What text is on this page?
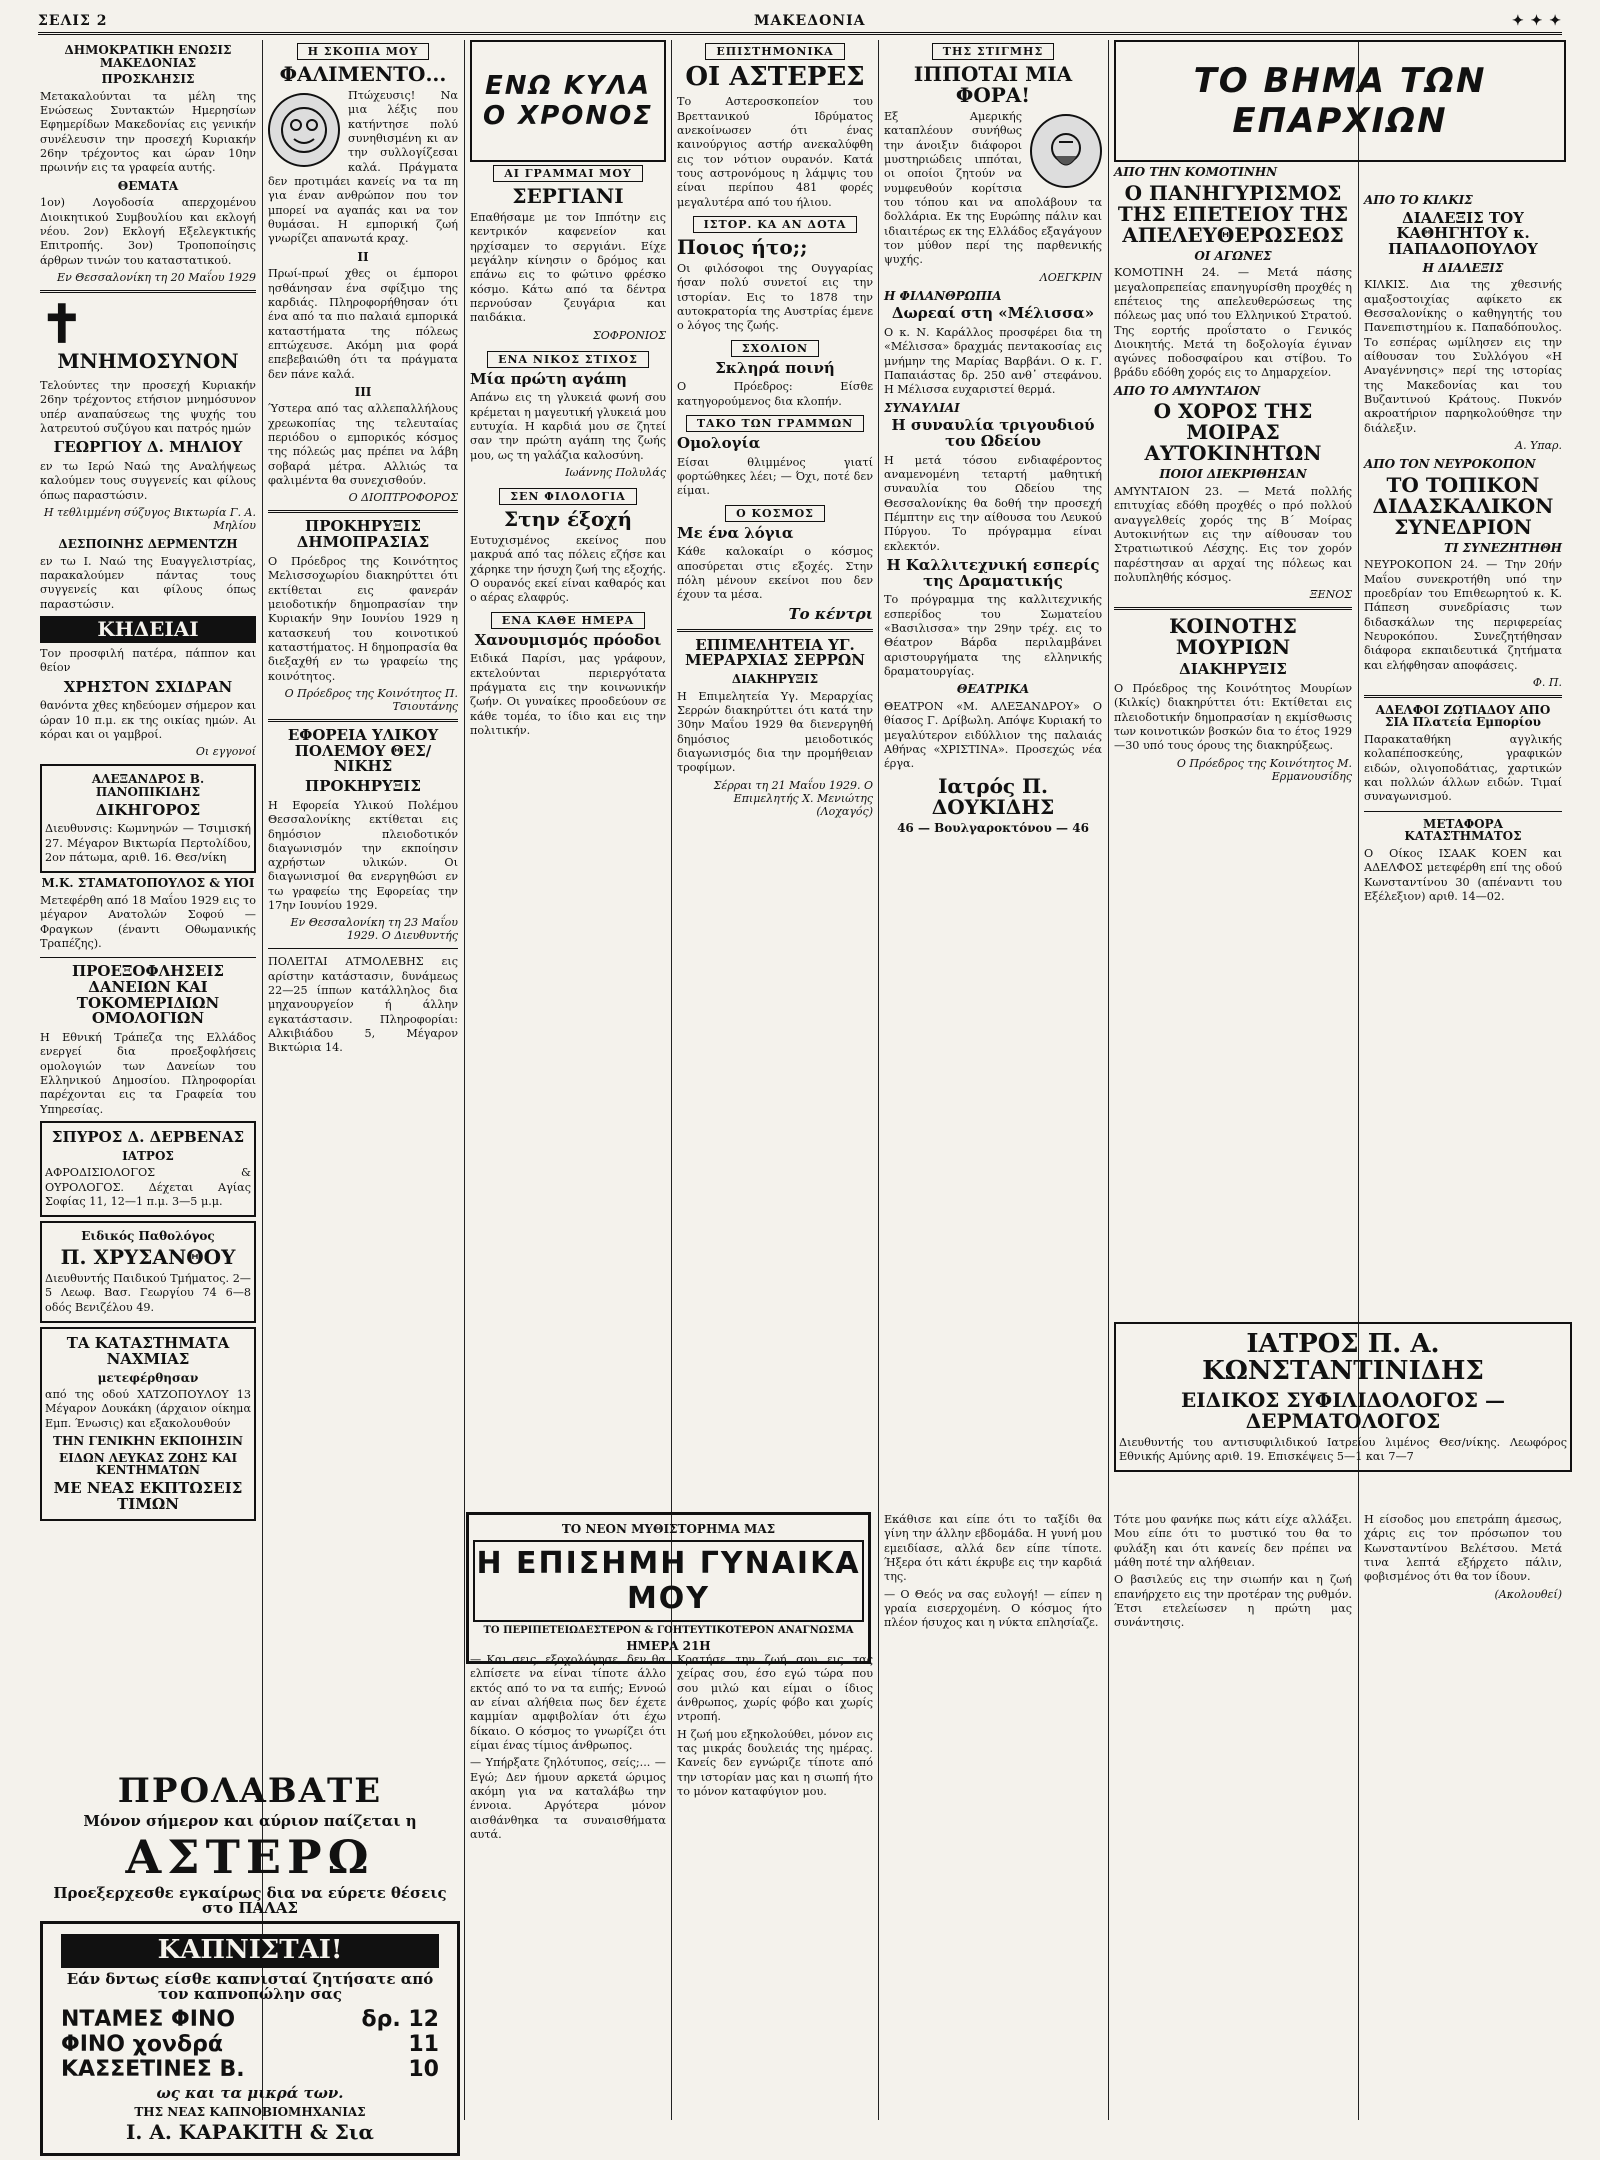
ΣΕΛΙΣ 2	ΜΑΚΕΔΟΝΙΑ	✦ ✦ ✦
ΔΗΜΟΚΡΑΤΙΚΗ ΕΝΩΣΙΣ ΜΑΚΕΔΟΝΙΑΣ
ΠΡΟΣΚΛΗΣΙΣ
Μετακαλούνται τα μέλη της Ενώσεως Συντακτών Ημερησίων Εφημερίδων Μακεδονίας εις γενικήν συνέλευσιν την προσεχή Κυριακήν 26ην τρέχοντος και ώραν 10ην πρωινήν εις τα γραφεία αυτής.
ΘΕΜΑΤΑ
1ον) Λογοδοσία απερχομένου Διοικητικού Συμβουλίου και εκλογή νέου. 2ον) Εκλογή Εξελεγκτικής Επιτροπής. 3ον) Τροποποίησις άρθρων τινών του καταστατικού.
Εν Θεσσαλονίκη τη 20 Μαΐου 1929
✝
ΜΝΗΜΟΣΥΝΟΝ
Τελούντες την προσεχή Κυριακήν 26ην τρέχοντος ετήσιον μνημόσυνον υπέρ αναπαύσεως της ψυχής του λατρευτού συζύγου και πατρός ημών
ΓΕΩΡΓΙΟΥ Δ. ΜΗΛΙΟΥ
εν τω Ιερώ Ναώ της Αναλήψεως καλούμεν τους συγγενείς και φίλους όπως παραστώσιν.
Η τεθλιμμένη σύζυγος Βικτωρία Γ. Α. Μηλίου
ΔΕΣΠΟΙΝΗΣ ΔΕΡΜΕΝΤΖΗ
εν τω Ι. Ναώ της Ευαγγελιστρίας, παρακαλούμεν πάντας τους συγγενείς και φίλους όπως παραστώσιν.
ΚΗΔΕΙΑΙ
Τον προσφιλή πατέρα, πάππον και θείον
ΧΡΗΣΤΟΝ ΣΧΙΔΡΑΝ
θανόντα χθες κηδεύομεν σήμερον και ώραν 10 π.μ. εκ της οικίας ημών. Αι κόραι και οι γαμβροί.
Οι εγγονοί
ΑΛΕΞΑΝΔΡΟΣ Β. ΠΑΝΟΠΙΚΙΔΗΣ
ΔΙΚΗΓΟΡΟΣ
Διευθυνσις: Κωμνηνών — Τσιμισκή 27. Μέγαρον Βικτωρία Περτολίδου, 2ον πάτωμα, αριθ. 16. Θεσ/νίκη
Μ.Κ. ΣΤΑΜΑΤΟΠΟΥΛΟΣ & ΥΙΟΙ
Μετεφέρθη από 18 Μαΐου 1929 εις το μέγαρον Ανατολών Σοφού — Φραγκων (έναντι Οθωμανικής Τραπέζης).
ΠΡΟΕΞΟΦΛΗΣΕΙΣ ΔΑΝΕΙΩΝ ΚΑΙ ΤΟΚΟΜΕΡΙΔΙΩΝ ΟΜΟΛΟΓΙΩΝ
Η Εθνική Τράπεζα της Ελλάδος ενεργεί δια προεξοφλήσεις ομολογιών των Δανείων του Ελληνικού Δημοσίου. Πληροφορίαι παρέχονται εις τα Γραφεία του Υπηρεσίας.
ΣΠΥΡΟΣ Δ. ΔΕΡΒΕΝΑΣ
ΙΑΤΡΟΣ
ΑΦΡΟΔΙΣΙΟΛΟΓΟΣ & ΟΥΡΟΛΟΓΟΣ. Δέχεται Αγίας Σοφίας 11, 12—1 π.μ. 3—5 μ.μ.
Ειδικός Παθολόγος
Π. ΧΡΥΣΑΝΘΟΥ
Διευθυντής Παιδικού Τμήματος. 2—5 Λεωφ. Βασ. Γεωργίου 74 6—8 οδός Βενιζέλου 49.
ΤΑ ΚΑΤΑΣΤΗΜΑΤΑ ΝΑΧΜΙΑΣ
μετεφέρθησαν
από της οδού ΧΑΤΖΟΠΟΥΛΟΥ 13 Μέγαρον Δουκάκη (άρχαιον οίκημα Εμπ. Ένωσις) και εξακολουθούν
ΤΗΝ ΓΕΝΙΚΗΝ ΕΚΠΟΙΗΣΙΝ
ΕΙΔΩΝ ΛΕΥΚΑΣ ΖΩΗΣ ΚΑΙ ΚΕΝΤΗΜΑΤΩΝ
ΜΕ ΝΕΑΣ ΕΚΠΤΩΣΕΙΣ ΤΙΜΩΝ
Η ΣΚΟΠΙΑ ΜΟΥ
ΦΑΛΙΜΕΝΤΟ...
Πτώχευσις! Να μια λέξις που κατήντησε πολύ συνηθισμένη κι αν την συλλογίζεσαι καλά. Πράγματα δεν προτιμάει κανείς να τα πη για έναν ανθρώπον που τον μπορεί να αγαπάς και να τον θυμάσαι. Η εμπορική ζωή γνωρίζει απανωτά κραχ.
II
Πρωί-πρωί χθες οι έμποροι ησθάνησαν ένα σφίξιμο της καρδιάς. Πληροφορήθησαν ότι ένα από τα πιο παλαιά εμπορικά καταστήματα της πόλεως επτώχευσε. Ακόμη μια φορά επεβεβαιώθη ότι τα πράγματα δεν πάνε καλά.
III
Ύστερα από τας αλλεπαλλήλους χρεωκοπίας της τελευταίας περιόδου ο εμπορικός κόσμος της πόλεώς μας πρέπει να λάβη σοβαρά μέτρα. Αλλιώς τα φαλιμέντα θα συνεχισθούν.
Ο ΔΙΟΠΤΡΟΦΟΡΟΣ
ΠΡΟΚΗΡΥΞΙΣ ΔΗΜΟΠΡΑΣΙΑΣ
Ο Πρόεδρος της Κοινότητος Μελισσοχωρίου διακηρύττει ότι εκτίθεται εις φανεράν μειοδοτικήν δημοπρασίαν την Κυριακήν 9ην Ιουνίου 1929 η κατασκευή του κοινοτικού καταστήματος. Η δημοπρασία θα διεξαχθή εν τω γραφείω της κοινότητος.
Ο Πρόεδρος της Κοινότητος Π. Τσιουτάνης
ΕΦΟΡΕΙΑ ΥΛΙΚΟΥ ΠΟΛΕΜΟΥ ΘΕΣ/ΝΙΚΗΣ
ΠΡΟΚΗΡΥΞΙΣ
Η Εφορεία Υλικού Πολέμου Θεσσαλονίκης εκτίθεται εις δημόσιον πλειοδοτικόν διαγωνισμόν την εκποίησιν αχρήστων υλικών. Οι διαγωνισμοί θα ενεργηθώσι εν τω γραφείω της Εφορείας την 17ην Ιουνίου 1929.
Εν Θεσσαλονίκη τη 23 Μαΐου 1929. Ο Διευθυντής
ΠΟΛΕΙΤΑΙ ΑΤΜΟΛΕΒΗΣ εις αρίστην κατάστασιν, δυνάμεως 22—25 ίππων κατάλληλος δια μηχανουργείον ή άλλην εγκατάστασιν. Πληροφορίαι: Αλκιβιάδου 5, Μέγαρον Βικτώρια 14.
ΕΝΩ ΚΥΛΑ Ο ΧΡΟΝΟΣ
ΑΙ ΓΡΑΜΜΑΙ ΜΟΥ
ΣΕΡΓΙΑΝΙ
Επαθήσαμε με τον Ιππότην εις κεντρικόν καφενείον και ηρχίσαμεν το σεργιάνι. Είχε μεγάλην κίνησιν ο δρόμος και επάνω εις το φώτινο φρέσκο κόσμο. Κάτω από τα δέντρα περνούσαν ζευγάρια και παιδάκια.
ΣΟΦΡΟΝΙΟΣ
ΕΝΑ ΝΙΚΟΣ ΣΤΙΧΟΣ
Μία πρώτη αγάπη
Απάνω εις τη γλυκειά φωνή σου κρέμεται η μαγευτική γλυκειά μου ευτυχία. Η καρδιά μου σε ζητεί σαν την πρώτη αγάπη της ζωής μου, ως τη γαλάζια καλοσύνη.
Ιωάννης Πολυλάς
ΣΕΝ ΦΙΛΟΛΟΓΙΑ
Στην έξοχή
Ευτυχισμένος εκείνος που μακρυά από τας πόλεις εζήσε και χάρηκε την ήσυχη ζωή της εξοχής. Ο ουρανός εκεί είναι καθαρός και ο αέρας ελαφρύς.
ΕΝΑ ΚΑΘΕ ΗΜΕΡΑ
Χανουμισμός πρόοδοι
Ειδικά Παρίσι, μας γράφουν, εκτελούνται περιεργότατα πράγματα εις την κοινωνικήν ζωήν. Οι γυναίκες προοδεύουν σε κάθε τομέα, το ίδιο και εις την πολιτικήν.
ΕΠΙΣΤΗΜΟΝΙΚΑ
ΟΙ ΑΣΤΕΡΕΣ
Το Αστεροσκοπείον του Βρεττανικού Ιδρύματος ανεκοίνωσεν ότι ένας καινούργιος αστήρ ανεκαλύφθη εις τον νότιον ουρανόν. Κατά τους αστρονόμους η λάμψις του είναι περίπου 481 φορές μεγαλυτέρα από του ήλιου.
ΙΣΤΟΡ. ΚΑ ΑΝ ΔΟΤΑ
Ποιος ήτο;;
Οι φιλόσοφοι της Ουγγαρίας ήσαν πολύ συνετοί εις την ιστορίαν. Εις το 1878 την αυτοκρατορία της Αυστρίας έμενε ο λόγος της ζωής.
ΣΧΟΛΙΟΝ
Σκληρά ποινή
Ο Πρόεδρος: Είσθε κατηγορούμενος δια κλοπήν.
ΤΑΚΟ ΤΩΝ ΓΡΑΜΜΩΝ
Ομολογία
Είσαι θλιμμένος γιατί φορτώθηκες λέει; — Όχι, ποτέ δεν είμαι.
Ο ΚΟΣΜΟΣ
Με ένα λόγια
Κάθε καλοκαίρι ο κόσμος αποσύρεται στις εξοχές. Στην πόλη μένουν εκείνοι που δεν έχουν τα μέσα.
Το κέντρι
ΕΠΙΜΕΛΗΤΕΙΑ ΥΓ. ΜΕΡΑΡΧΙΑΣ ΣΕΡΡΩΝ
ΔΙΑΚΗΡΥΞΙΣ
Η Επιμελητεία Υγ. Μεραρχίας Σερρών διακηρύττει ότι κατά την 30ην Μαΐου 1929 θα διενεργηθή δημόσιος μειοδοτικός διαγωνισμός δια την προμήθειαν τροφίμων.
Σέρραι τη 21 Μαΐου 1929. Ο Επιμελητής Χ. Μενιώτης (Λοχαγός)
ΤΗΣ ΣΤΙΓΜΗΣ
ΙΠΠΟΤΑΙ ΜΙΑ ΦΟΡΑ!
Εξ Αμερικής καταπλέουν συνήθως την άνοιξιν διάφοροι μυστηριώδεις ιππόται, οι οποίοι ζητούν να νυμφευθούν κορίτσια του τόπου και να απολάβουν τα δολλάρια. Εκ της Ευρώπης πάλιν και ιδιαιτέρως εκ της Ελλάδος εξαγάγουν τον μύθον περί της παρθενικής ψυχής.
ΛΟΕΓΚΡΙΝ
Η ΦΙΛΑΝΘΡΩΠΙΑ
Δωρεαί στη «Μέλισσα»
Ο κ. Ν. Καράλλος προσφέρει δια τη «Μέλισσα» δραχμάς πεντακοσίας εις μνήμην της Μαρίας Βαρβάνι. Ο κ. Γ. Παπαιάστας δρ. 250 ανθ᾽ στεφάνου. Η Μέλισσα ευχαριστεί θερμά.
ΣΥΝΑΥΛΙΑΙ
Η συναυλία τριγουδιού του Ωδείου
Η μετά τόσου ενδιαφέροντος αναμενομένη τεταρτή μαθητική συναυλία του Ωδείου της Θεσσαλονίκης θα δοθή την προσεχή Πέμπτην εις την αίθουσα του Λευκού Πύργου. Το πρόγραμμα είναι εκλεκτόν.
Η Καλλιτεχνική εσπερίς της Δραματικής
Το πρόγραμμα της καλλιτεχνικής εσπερίδος του Σωματείου «Βασιλισσα» την 29ην τρέχ. εις το Θέατρον Βάρδα περιλαμβάνει αριστουργήματα της ελληνικής δραματουργίας.
ΘΕΑΤΡΙΚΑ
ΘΕΑΤΡΟΝ «Μ. ΑΛΕΞΑΝΔΡΟΥ» Ο θίασος Γ. Δρίβωλη. Απόψε Κυριακή το μεγαλύτερον ειδύλλιον της παλαιάς Αθήνας «ΧΡΙΣΤΙΝΑ». Προσεχώς νέα έργα.
Ιατρός Π. ΔΟΥΚΙΔΗΣ
46 — Βουλγαροκτόνου — 46
ΤΟ ΒΗΜΑ ΤΩΝ ΕΠΑΡΧΙΩΝ
ΑΠΟ ΤΗΝ ΚΟΜΟΤΙΝΗΝ
Ο ΠΑΝΗΓΥΡΙΣΜΟΣ ΤΗΣ ΕΠΕΤΕΙΟΥ ΤΗΣ ΑΠΕΛΕΥΘΕΡΩΣΕΩΣ
ΟΙ ΑΓΩΝΕΣ
ΚΟΜΟΤΙΝΗ 24. — Μετά πάσης μεγαλοπρεπείας επανηγυρίσθη προχθές η επέτειος της απελευθερώσεως της πόλεως μας υπό του Ελληνικού Στρατού. Της εορτής προΐστατο ο Γενικός Διοικητής. Μετά τη δοξολογία έγιναν αγώνες ποδοσφαίρου και στίβου. Το βράδυ εδόθη χορός εις το Δημαρχείον.
ΑΠΟ ΤΟ ΑΜΥΝΤΑΙΟΝ
Ο ΧΟΡΟΣ ΤΗΣ ΜΟΙΡΑΣ ΑΥΤΟΚΙΝΗΤΩΝ
ΠΟΙΟΙ ΔΙΕΚΡΙΘΗΣΑΝ
ΑΜΥΝΤΑΙΟΝ 23. — Μετά πολλής επιτυχίας εδόθη προχθές ο πρό πολλού αναγγελθείς χορός της Β΄ Μοίρας Αυτοκινήτων εις την αίθουσαν του Στρατιωτικού Λέσχης. Εις τον χορόν παρέστησαν αι αρχαί της πόλεως και πολυπληθής κόσμος.
ΞΕΝΟΣ
ΚΟΙΝΟΤΗΣ ΜΟΥΡΙΩΝ
ΔΙΑΚΗΡΥΞΙΣ
Ο Πρόεδρος της Κοινότητος Μουρίων (Κιλκίς) διακηρύττει ότι: Εκτίθεται εις πλειοδοτικήν δημοπρασίαν η εκμίσθωσις των κοινοτικών βοσκών δια το έτος 1929—30 υπό τους όρους της διακηρύξεως.
Ο Πρόεδρος της Κοινότητος Μ. Ερμανουσίδης
ΑΠΟ ΤΟ ΚΙΛΚΙΣ
ΔΙΑΛΕΞΙΣ ΤΟΥ ΚΑΘΗΓΗΤΟΥ κ. ΠΑΠΑΔΟΠΟΥΛΟΥ
Η ΔΙΑΛΕΞΙΣ
ΚΙΛΚΙΣ. Δια της χθεσινής αμαξοστοιχίας αφίκετο εκ Θεσσαλονίκης ο καθηγητής του Πανεπιστημίου κ. Παπαδόπουλος. Το εσπέρας ωμίλησεν εις την αίθουσαν του Συλλόγου «Η Αναγέννησις» περί της ιστορίας της Μακεδονίας και του Βυζαντινού Κράτους. Πυκνόν ακροατήριον παρηκολούθησε την διάλεξιν.
Α. Υπαρ.
ΑΠΟ ΤΟΝ ΝΕΥΡΟΚΟΠΟΝ
ΤΟ ΤΟΠΙΚΟΝ ΔΙΔΑΣΚΑΛΙΚΟΝ ΣΥΝΕΔΡΙΟΝ
ΤΙ ΣΥΝΕΖΗΤΗΘΗ
ΝΕΥΡΟΚΟΠΟΝ 24. — Την 20ήν Μαΐου συνεκροτήθη υπό την προεδρίαν του Επιθεωρητού κ. Κ. Πάπεση συνεδρίασις των διδασκάλων της περιφερείας Νευροκόπου. Συνεζητήθησαν διάφορα εκπαιδευτικά ζητήματα και ελήφθησαν αποφάσεις.
Φ. Π.
ΑΔΕΛΦΟΙ ΖΩΤΙΑΔΟΥ ΑΠΟ ΣΙΑ Πλατεία Εμπορίου
Παρακαταθήκη αγγλικής κολαπέποσκεύης, γραφικών ειδών, ολιγοποδάτιας, χαρτικών και πολλών άλλων ειδών. Τιμαί συναγωνισμού.
ΜΕΤΑΦΟΡΑ ΚΑΤΑΣΤΗΜΑΤΟΣ
Ο Οίκος ΙΣΑΑΚ ΚΟΕΝ και ΑΔΕΛΦΟΣ μετεφέρθη επί της οδού Κωνσταντίνου 30 (απέναντι του Εξέλεξιον) αριθ. 14—02.
ΙΑΤΡΟΣ Π. Α. ΚΩΝΣΤΑΝΤΙΝΙΔΗΣ
ΕΙΔΙΚΟΣ ΣΥΦΙΛΙΔΟΛΟΓΟΣ — ΔΕΡΜΑΤΟΛΟΓΟΣ
Διευθυντής του αντισυφιλιδικού Ιατρείου λιμένος Θεσ/νίκης. Λεωφόρος Εθνικής Αμύνης αριθ. 19. Επισκέψεις 5—1 και 7—7
ΠΡΟΛΑΒΑΤΕ
Μόνον σήμερον και αύριον παίζεται η
ΑΣΤΕΡΩ
Προεξερχεσθε εγκαίρως δια να εύρετε θέσεις στο ΠΑΛΑΣ
ΚΑΠΝΙΣΤΑΙ!
Εάν δντως είσθε καπνισταί ζητήσατε από τον καπνοπώλην σας
ΝΤΑΜΕΣ ΦΙΝΟ	δρ. 12
ΦΙΝΟ χονδρά	11
ΚΑΣΣΕΤΙΝΕΣ Β.	10
ως και τα μικρά των.
ΤΗΣ ΝΕΑΣ ΚΑΠΝΟΒΙΟΜΗΧΑΝΙΑΣ
Ι. Α. ΚΑΡΑΚΙΤΗ & Σια
ΤΟ ΝΕΟΝ ΜΥΘΙΣΤΟΡΗΜΑ ΜΑΣ
Η ΕΠΙΣΗΜΗ ΓΥΝΑΙΚΑ ΜΟΥ
ΤΟ ΠΕΡΙΠΕΤΕΙΩΔΕΣΤΕΡΟΝ & ΓΟΗΤΕΥΤΙΚΟΤΕΡΟΝ ΑΝΑΓΝΩΣΜΑ
ΗΜΕΡΑ 21Η
— Και σεις, εξοχολόγησε, δεν θα ελπίσετε να είναι τίποτε άλλο εκτός από το να τα ειπής; Εννοώ αν είναι αλήθεια πως δεν έχετε καμμίαν αμφιβολίαν ότι έχω δίκαιο. Ο κόσμος το γνωρίζει ότι είμαι ένας τίμιος άνθρωπος.
— Υπήρξατε ζηλότυπος, σείς;... — Εγώ; Δεν ήμουν αρκετά ώριμος ακόμη για να καταλάβω την έννοια. Αργότερα μόνον αισθάνθηκα τα συναισθήματα αυτά.
Κρατήσε την ζωή σου εις τας χείρας σου, έσο εγώ τώρα που σου μιλώ και είμαι ο ίδιος άνθρωπος, χωρίς φόβο και χωρίς ντροπή.
Η ζωή μου εξηκολούθει, μόνον εις τας μικράς δουλειάς της ημέρας. Κανείς δεν εγνώριζε τίποτε από την ιστορίαν μας και η σιωπή ήτο το μόνον καταφύγιον μου.
Εκάθισε και είπε ότι το ταξίδι θα γίνη την άλλην εβδομάδα. Η γυνή μου εμειδίασε, αλλά δεν είπε τίποτε. Ήξερα ότι κάτι έκρυβε εις την καρδιά της.
— Ο Θεός να σας ευλογή! — είπεν η γραία εισερχομένη. Ο κόσμος ήτο πλέον ήσυχος και η νύκτα επλησίαζε.
Τότε μου φανήκε πως κάτι είχε αλλάξει. Μου είπε ότι το μυστικό του θα το φυλάξη και ότι κανείς δεν πρέπει να μάθη ποτέ την αλήθειαν.
Ο βασιλεύς εις την σιωπήν και η ζωή επανήρχετο εις την προτέραν της ρυθμόν. Έτσι ετελείωσεν η πρώτη μας συνάντησις.
Η είσοδος μου επετράπη άμεσως, χάρις εις τον πρόσωπον του Κωνσταντίνου Βελέτσου. Μετά τινα λεπτά εξήρχετο πάλιν, φοβισμένος ότι θα τον ίδουν.
(Ακολουθεί)
